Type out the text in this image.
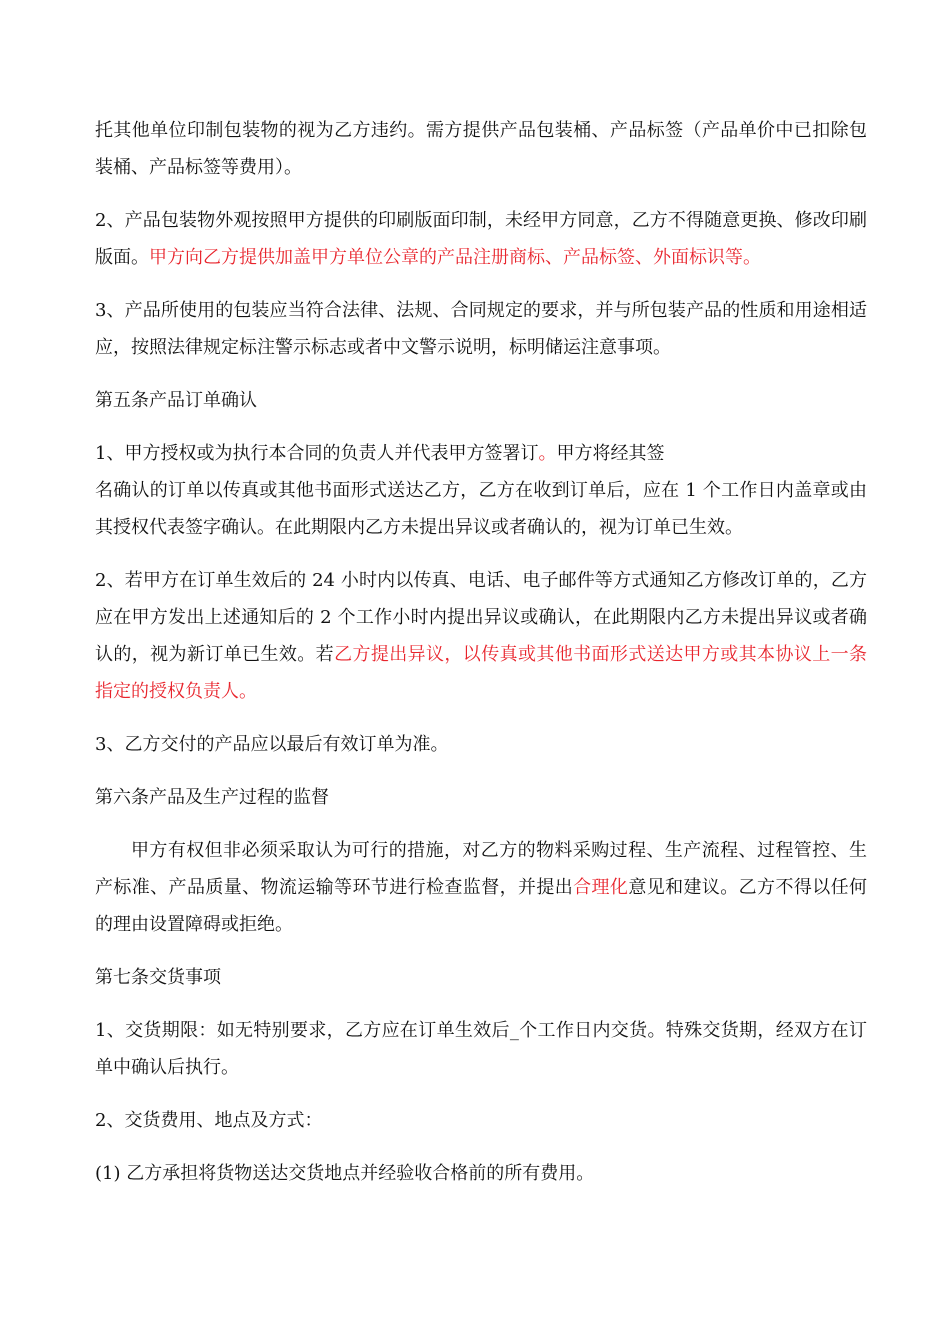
托其他单位印制包装物的视为乙方违约。需方提供产品包装桶、产品标签（产品单价中已扣除包装桶、产品标签等费用）。

2、产品包装物外观按照甲方提供的印刷版面印制，未经甲方同意，乙方不得随意更换、修改印刷版面。甲方向乙方提供加盖甲方单位公章的产品注册商标、产品标签、外面标识等。

3、产品所使用的包装应当符合法律、法规、合同规定的要求，并与所包装产品的性质和用途相适应，按照法律规定标注警示标志或者中文警示说明，标明储运注意事项。

第五条产品订单确认

1、甲方授权或为执行本合同的负责人并代表甲方签署订。甲方将经其签
名确认的订单以传真或其他书面形式送达乙方，乙方在收到订单后，应在 1 个工作日内盖章或由其授权代表签字确认。在此期限内乙方未提出异议或者确认的，视为订单已生效。

2、若甲方在订单生效后的 24 小时内以传真、电话、电子邮件等方式通知乙方修改订单的，乙方应在甲方发出上述通知后的 2 个工作小时内提出异议或确认，在此期限内乙方未提出异议或者确认的，视为新订单已生效。若乙方提出异议，以传真或其他书面形式送达甲方或其本协议上一条指定的授权负责人。

3、乙方交付的产品应以最后有效订单为准。

第六条产品及生产过程的监督

甲方有权但非必须采取认为可行的措施，对乙方的物料采购过程、生产流程、过程管控、生产标准、产品质量、物流运输等环节进行检查监督，并提出合理化意见和建议。乙方不得以任何的理由设置障碍或拒绝。

第七条交货事项

1、交货期限：如无特别要求，乙方应在订单生效后_个工作日内交货。特殊交货期，经双方在订单中确认后执行。

2、交货费用、地点及方式：

(1) 乙方承担将货物送达交货地点并经验收合格前的所有费用。
